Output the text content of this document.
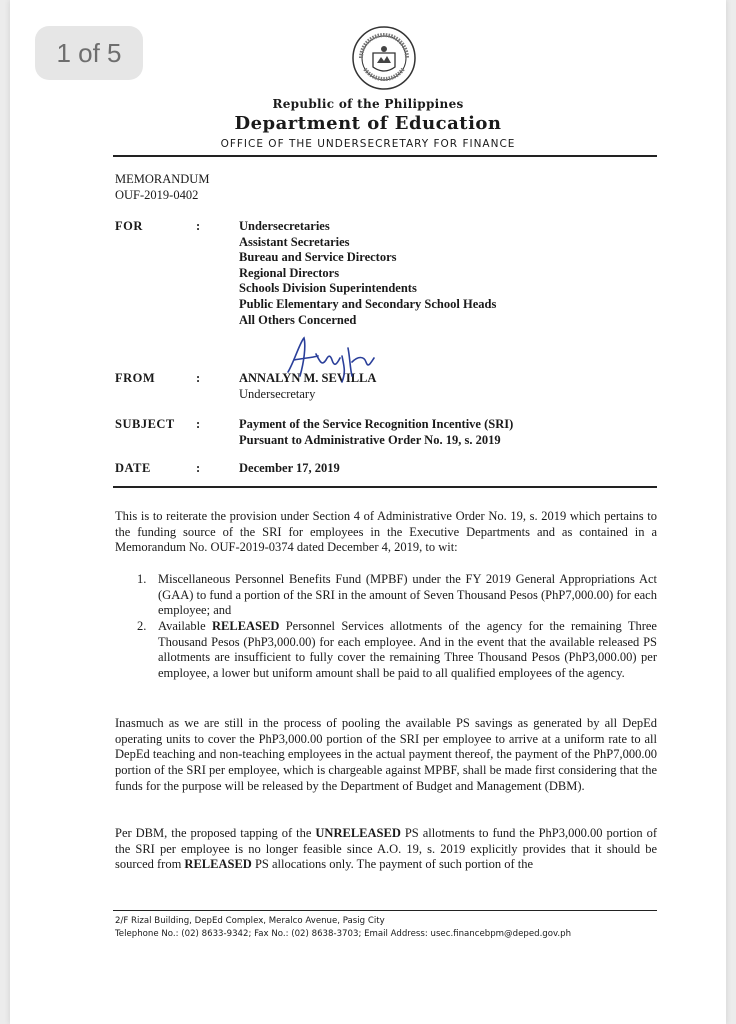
1 of 5
Republic of the Philippines
Department of Education
OFFICE OF THE UNDERSECRETARY FOR FINANCE
MEMORANDUM
OUF-2019-0402
FOR	:	Undersecretaries
Assistant Secretaries
Bureau and Service Directors
Regional Directors
Schools Division Superintendents
Public Elementary and Secondary School Heads
All Others Concerned
FROM	:	ANNALYN M. SEVILLA
Undersecretary
SUBJECT :	Payment of the Service Recognition Incentive (SRI)
Pursuant to Administrative Order No. 19, s. 2019
DATE	:	December 17, 2019
This is to reiterate the provision under Section 4 of Administrative Order No. 19, s. 2019 which pertains to the funding source of the SRI for employees in the Executive Departments and as contained in a Memorandum No. OUF-2019-0374 dated December 4, 2019, to wit:
1. Miscellaneous Personnel Benefits Fund (MPBF) under the FY 2019 General Appropriations Act (GAA) to fund a portion of the SRI in the amount of Seven Thousand Pesos (PhP7,000.00) for each employee; and
2. Available RELEASED Personnel Services allotments of the agency for the remaining Three Thousand Pesos (PhP3,000.00) for each employee. And in the event that the available released PS allotments are insufficient to fully cover the remaining Three Thousand Pesos (PhP3,000.00) per employee, a lower but uniform amount shall be paid to all qualified employees of the agency.
Inasmuch as we are still in the process of pooling the available PS savings as generated by all DepEd operating units to cover the PhP3,000.00 portion of the SRI per employee to arrive at a uniform rate to all DepEd teaching and non-teaching employees in the actual payment thereof, the payment of the PhP7,000.00 portion of the SRI per employee, which is chargeable against MPBF, shall be made first considering that the funds for the purpose will be released by the Department of Budget and Management (DBM).
Per DBM, the proposed tapping of the UNRELEASED PS allotments to fund the PhP3,000.00 portion of the SRI per employee is no longer feasible since A.O. 19, s. 2019 explicitly provides that it should be sourced from RELEASED PS allocations only. The payment of such portion of the
2/F Rizal Building, DepEd Complex, Meralco Avenue, Pasig City
Telephone No.: (02) 8633-9342; Fax No.: (02) 8638-3703; Email Address: usec.financebpm@deped.gov.ph
